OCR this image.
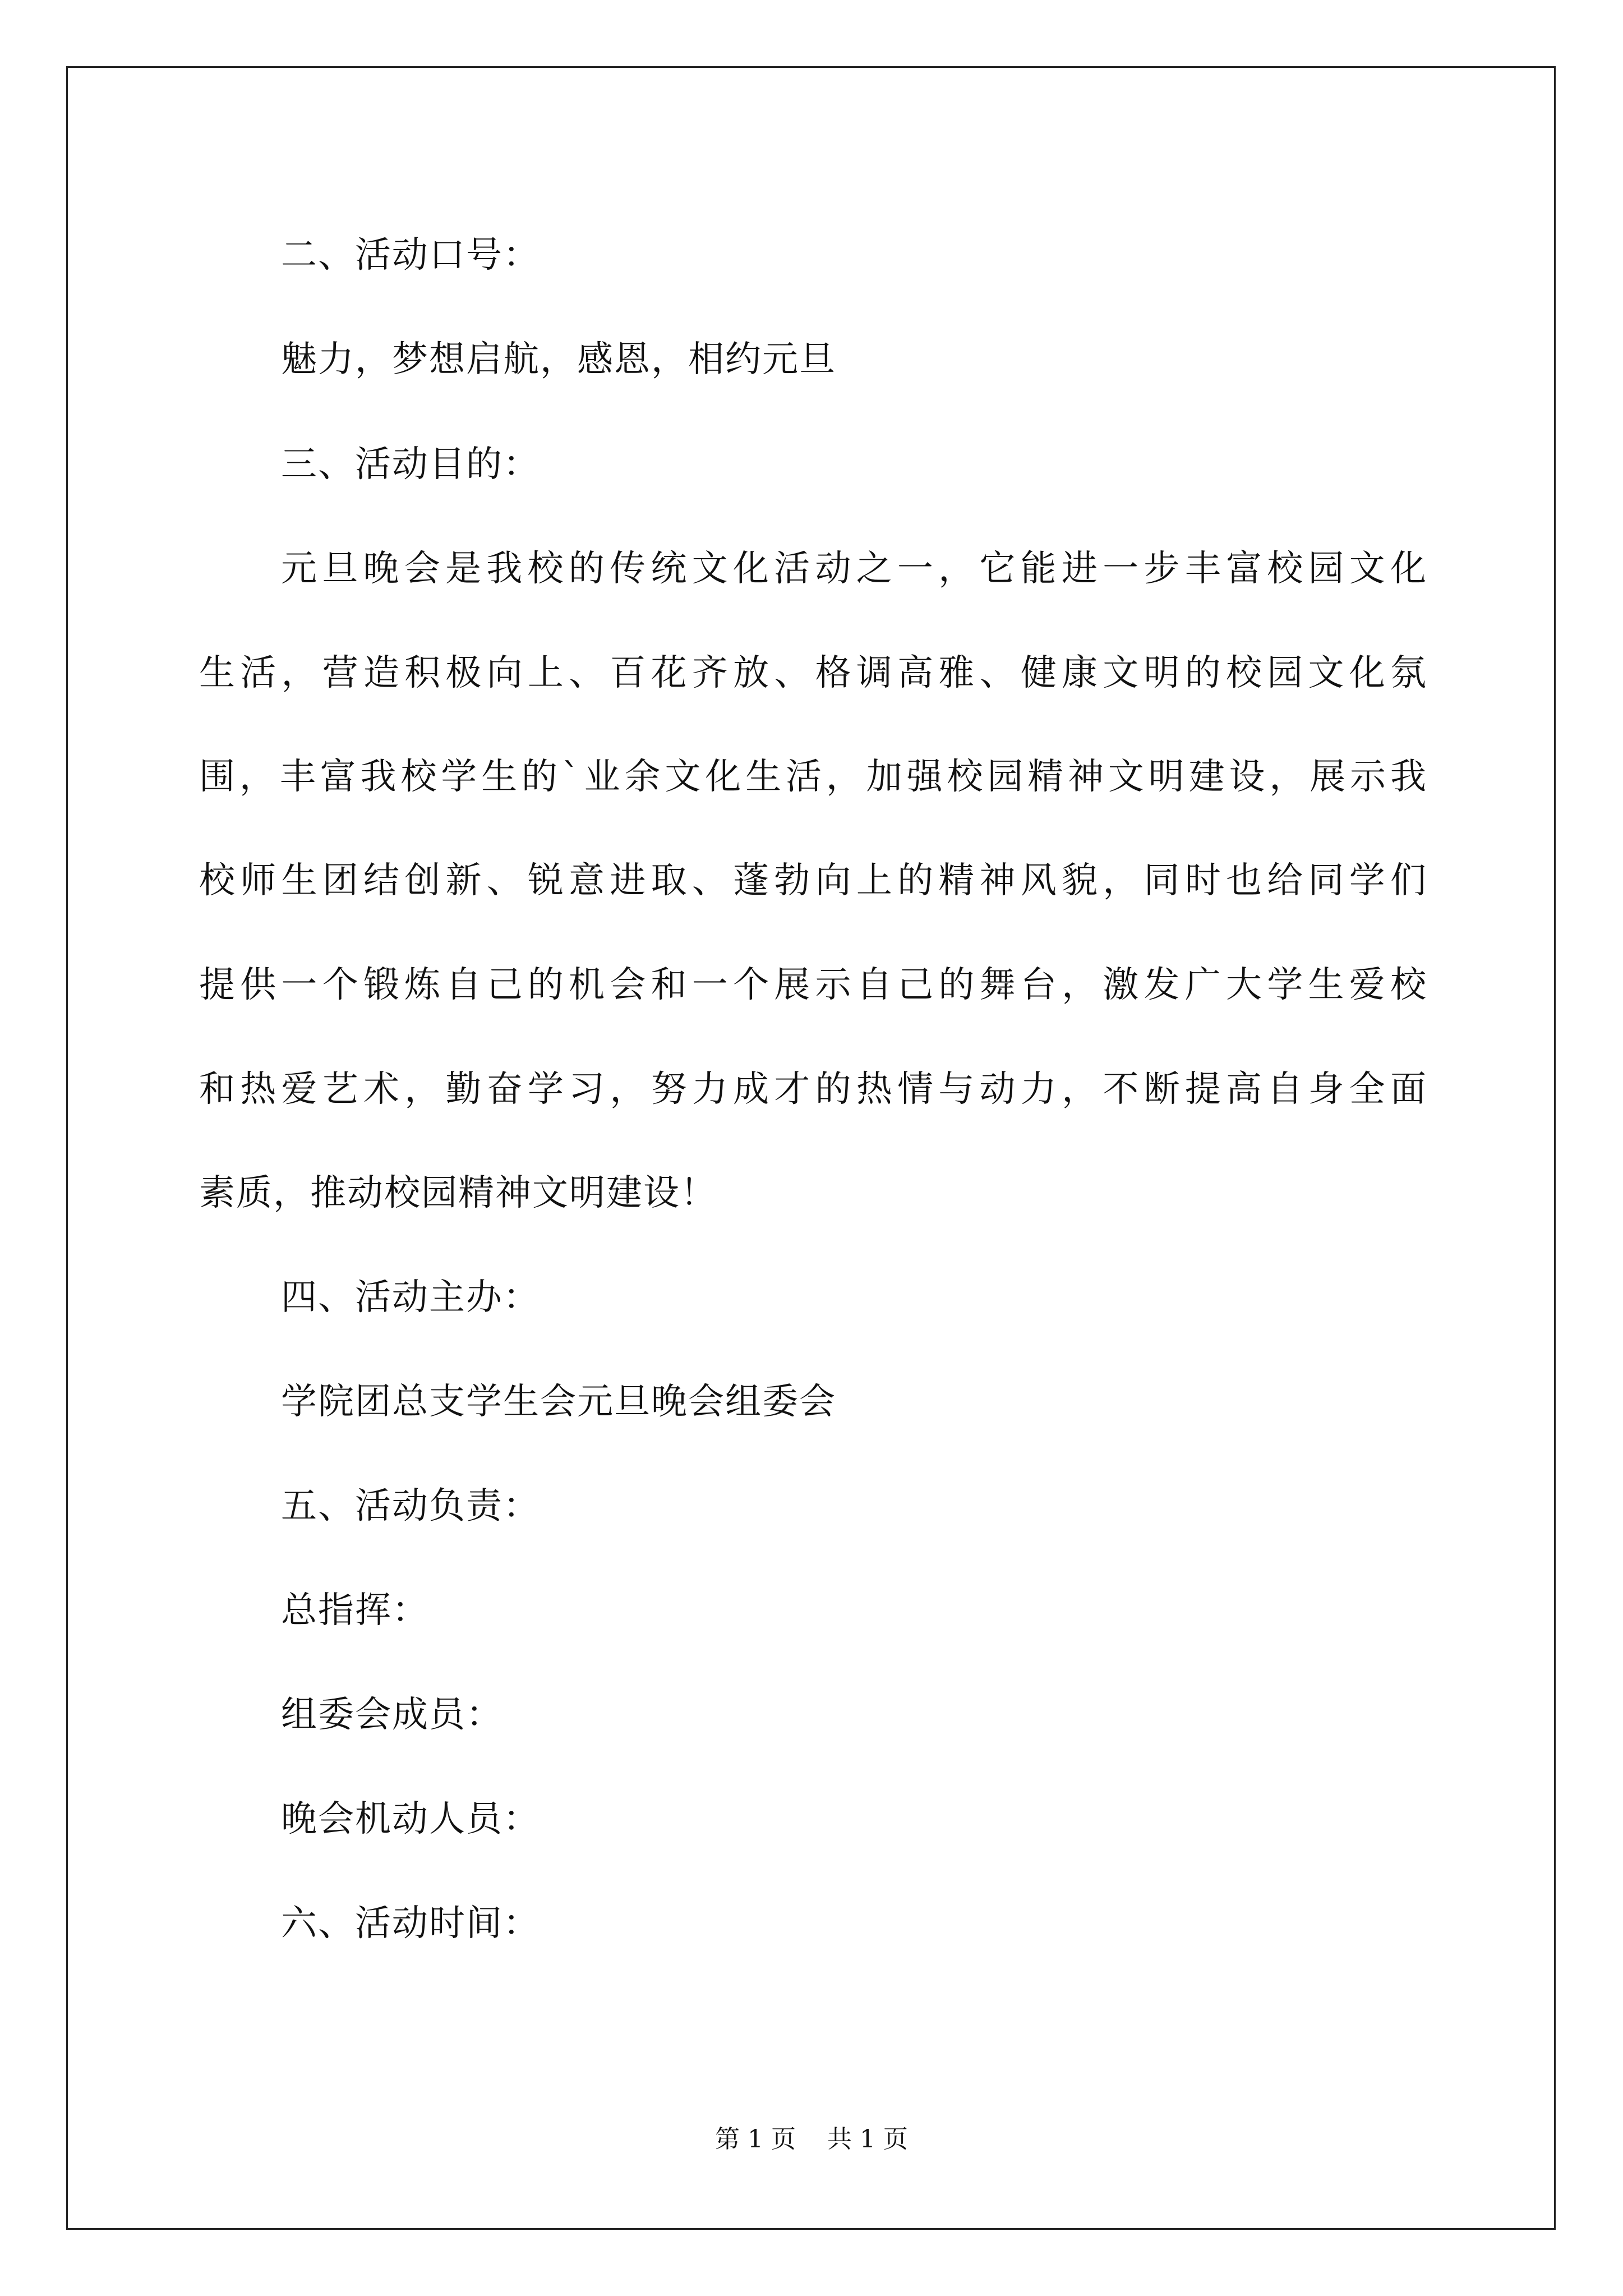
二、活动口号：
魅力，梦想启航，感恩，相约元旦
三、活动目的：
元旦晚会是我校的传统文化活动之一，它能进一步丰富校园文化
生活，营造积极向上、百花齐放、格调高雅、健康文明的校园文化氛
围，丰富我校学生的`业余文化生活，加强校园精神文明建设，展示我
校师生团结创新、锐意进取、蓬勃向上的精神风貌，同时也给同学们
提供一个锻炼自己的机会和一个展示自己的舞台，激发广大学生爱校
和热爱艺术，勤奋学习，努力成才的热情与动力，不断提高自身全面
素质，推动校园精神文明建设！
四、活动主办：
学院团总支学生会元旦晚会组委会
五、活动负责：
总指挥：
组委会成员：
晚会机动人员：
六、活动时间：
第 1 页    共 1 页
